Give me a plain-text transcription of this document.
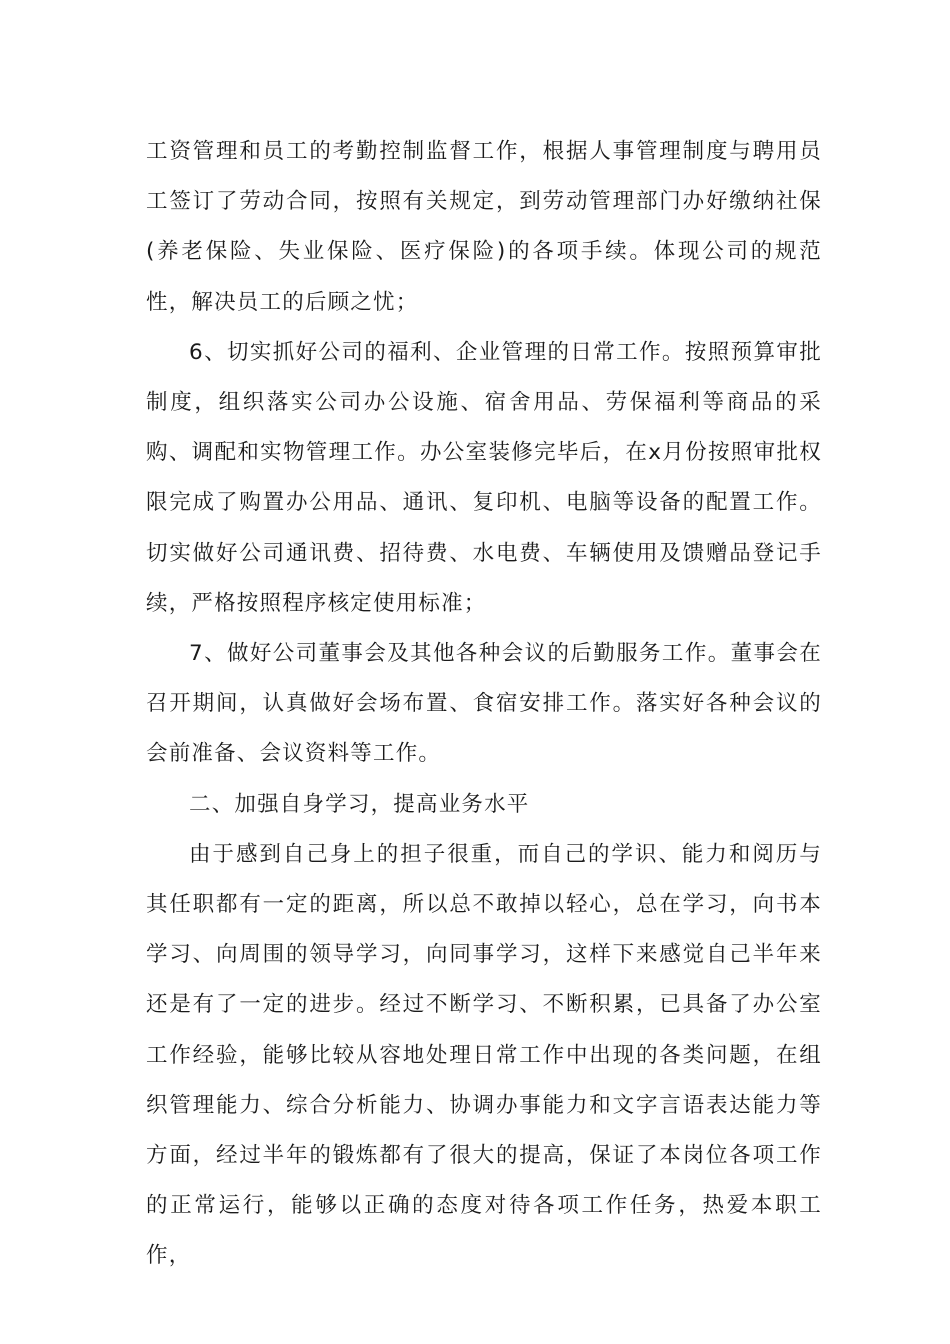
工资管理和员工的考勤控制监督工作，根据人事管理制度与聘用员工签订了劳动合同，按照有关规定，到劳动管理部门办好缴纳社保(养老保险、失业保险、医疗保险)的各项手续。体现公司的规范性，解决员工的后顾之忧；

6、切实抓好公司的福利、企业管理的日常工作。按照预算审批制度，组织落实公司办公设施、宿舍用品、劳保福利等商品的采购、调配和实物管理工作。办公室装修完毕后，在x月份按照审批权限完成了购置办公用品、通讯、复印机、电脑等设备的配置工作。切实做好公司通讯费、招待费、水电费、车辆使用及馈赠品登记手续，严格按照程序核定使用标准；

7、做好公司董事会及其他各种会议的后勤服务工作。董事会在召开期间，认真做好会场布置、食宿安排工作。落实好各种会议的会前准备、会议资料等工作。

二、加强自身学习，提高业务水平

由于感到自己身上的担子很重，而自己的学识、能力和阅历与其任职都有一定的距离，所以总不敢掉以轻心，总在学习，向书本学习、向周围的领导学习，向同事学习，这样下来感觉自己半年来还是有了一定的进步。经过不断学习、不断积累，已具备了办公室工作经验，能够比较从容地处理日常工作中出现的各类问题，在组织管理能力、综合分析能力、协调办事能力和文字言语表达能力等方面，经过半年的锻炼都有了很大的提高，保证了本岗位各项工作的正常运行，能够以正确的态度对待各项工作任务，热爱本职工作，
